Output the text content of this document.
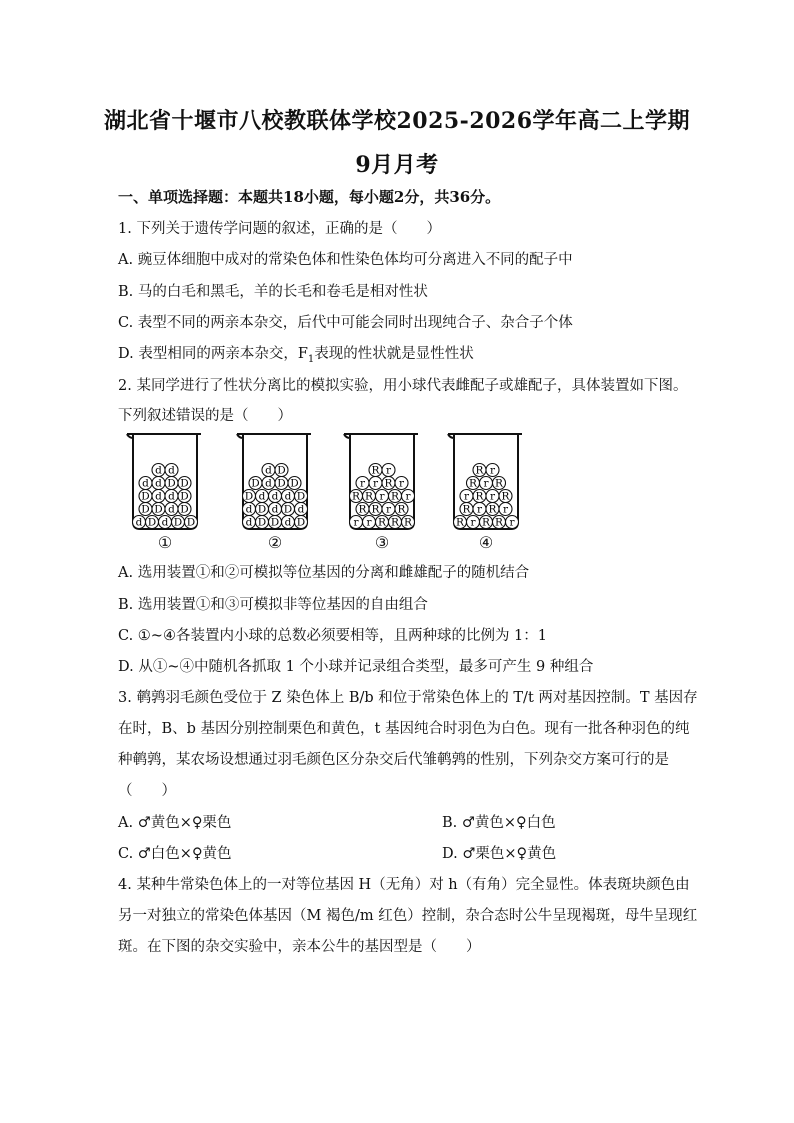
湖北省十堰市八校教联体学校2025-2026学年高二上学期
9月月考
一、单项选择题：本题共18小题，每小题2分，共36分。
1. 下列关于遗传学问题的叙述，正确的是（　　）
A. 豌豆体细胞中成对的常染色体和性染色体均可分离进入不同的配子中
B. 马的白毛和黑毛，羊的长毛和卷毛是相对性状
C. 表型不同的两亲本杂交，后代中可能会同时出现纯合子、杂合子个体
D. 表型相同的两亲本杂交，$F_1$表现的性状就是显性性状
2. 某同学进行了性状分离比的模拟实验，用小球代表雌配子或雄配子，具体装置如下图。
下列叙述错误的是（　　）
d d
d d D D
D d d D
D D d D
d D d D D
①
d D
D d D D
D d d d D
d D d D d
d D D d D
②
R r
r r R r
R R r R r
R R r R
r r R R R
③
R r
R r R
r R r R
R r R r
R r R R r
④
A. 选用装置①和②可模拟等位基因的分离和雌雄配子的随机结合
B. 选用装置①和③可模拟非等位基因的自由组合
C. ①~④各装置内小球的总数必须要相等，且两种球的比例为 1：1
D. 从①~④中随机各抓取 1 个小球并记录组合类型，最多可产生 9 种组合
3. 鹌鹑羽毛颜色受位于 Z 染色体上 B/b 和位于常染色体上的 T/t 两对基因控制。T 基因存
在时，B、b 基因分别控制栗色和黄色，t 基因纯合时羽色为白色。现有一批各种羽色的纯
种鹌鹑，某农场设想通过羽毛颜色区分杂交后代雏鹌鹑的性别，下列杂交方案可行的是
（　　）
A. ♂黄色×♀栗色	B. ♂黄色×♀白色
C. ♂白色×♀黄色	D. ♂栗色×♀黄色
4. 某种牛常染色体上的一对等位基因 H（无角）对 h（有角）完全显性。体表斑块颜色由
另一对独立的常染色体基因（M 褐色/m 红色）控制，杂合态时公牛呈现褐斑，母牛呈现红
斑。在下图的杂交实验中，亲本公牛的基因型是（　　）
